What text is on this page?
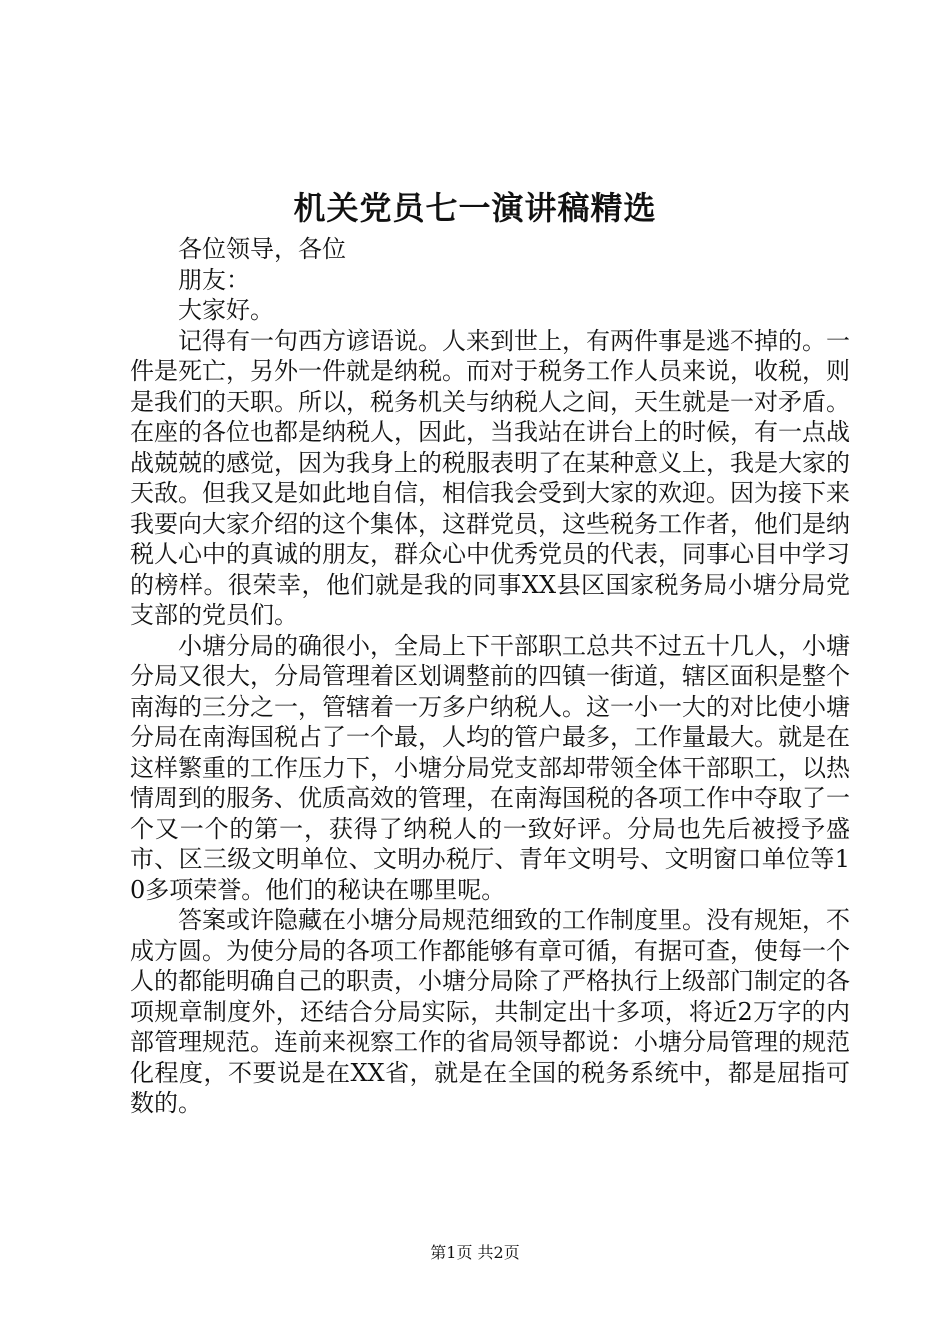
机关党员七一演讲稿精选

各位领导，各位

朋友：

大家好。

记得有一句西方谚语说。人来到世上，有两件事是逃不掉的。一件是死亡，另外一件就是纳税。而对于税务工作人员来说，收税，则是我们的天职。所以，税务机关与纳税人之间，天生就是一对矛盾。在座的各位也都是纳税人，因此，当我站在讲台上的时候，有一点战战兢兢的感觉，因为我身上的税服表明了在某种意义上，我是大家的天敌。但我又是如此地自信，相信我会受到大家的欢迎。因为接下来我要向大家介绍的这个集体，这群党员，这些税务工作者，他们是纳税人心中的真诚的朋友，群众心中优秀党员的代表，同事心目中学习的榜样。很荣幸，他们就是我的同事XX县区国家税务局小塘分局党支部的党员们。

小塘分局的确很小，全局上下干部职工总共不过五十几人，小塘分局又很大，分局管理着区划调整前的四镇一街道，辖区面积是整个南海的三分之一，管辖着一万多户纳税人。这一小一大的对比使小塘分局在南海国税占了一个最，人均的管户最多，工作量最大。就是在这样繁重的工作压力下，小塘分局党支部却带领全体干部职工，以热情周到的服务、优质高效的管理，在南海国税的各项工作中夺取了一个又一个的第一，获得了纳税人的一致好评。分局也先后被授予盛市、区三级文明单位、文明办税厅、青年文明号、文明窗口单位等10多项荣誉。他们的秘诀在哪里呢。

答案或许隐藏在小塘分局规范细致的工作制度里。没有规矩，不成方圆。为使分局的各项工作都能够有章可循，有据可查，使每一个人的都能明确自己的职责，小塘分局除了严格执行上级部门制定的各项规章制度外，还结合分局实际，共制定出十多项，将近2万字的内部管理规范。连前来视察工作的省局领导都说：小塘分局管理的规范化程度，不要说是在XX省，就是在全国的税务系统中，都是屈指可数的。

第1页 共2页
